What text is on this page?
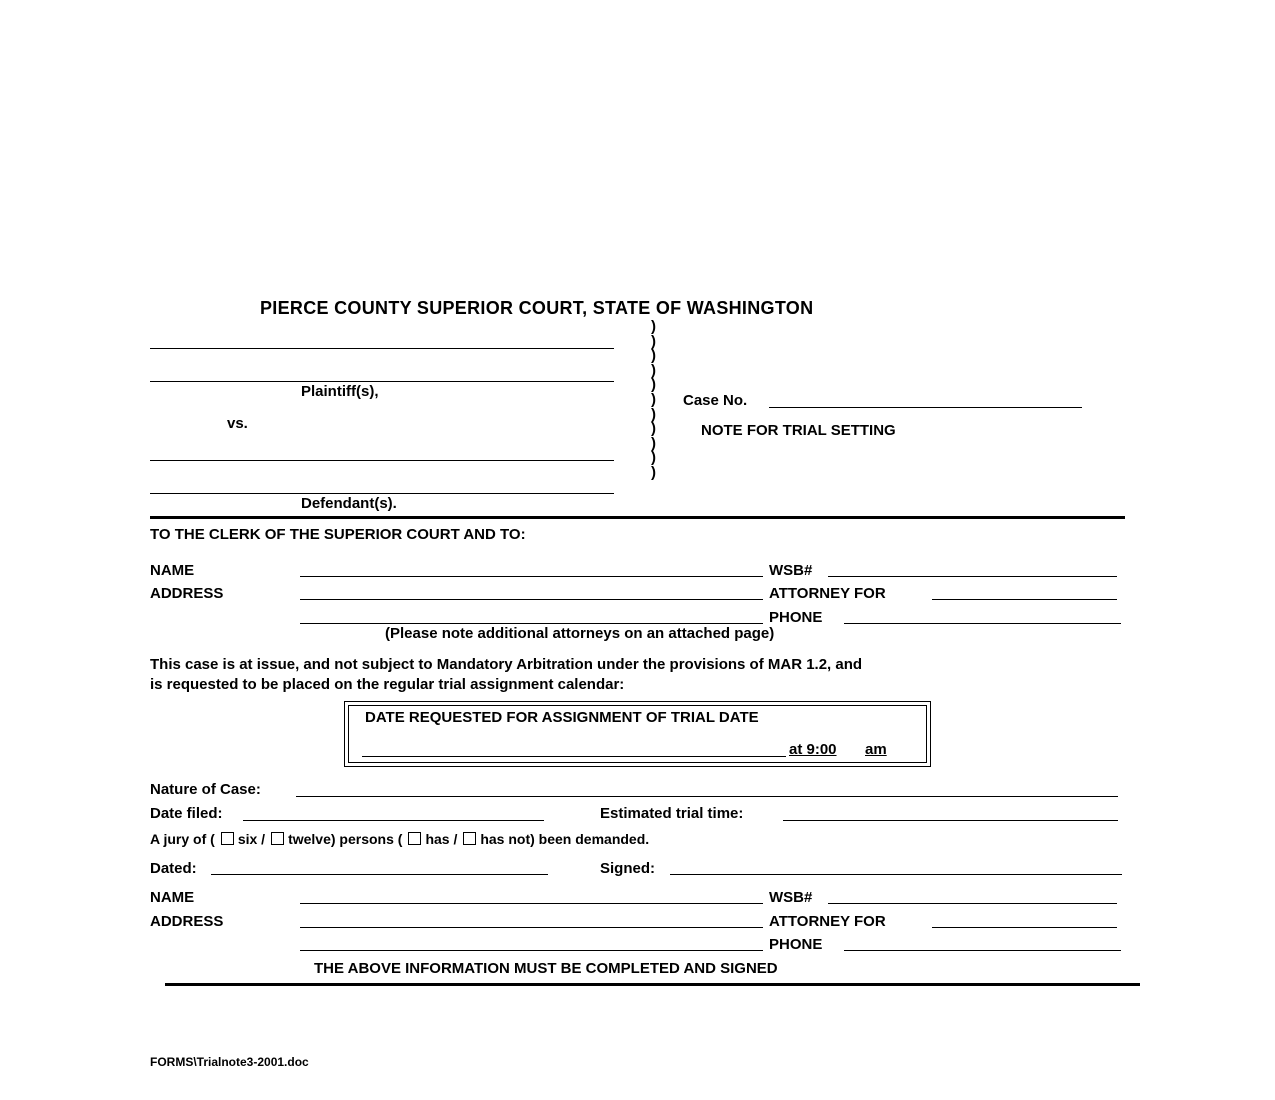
PIERCE COUNTY SUPERIOR COURT, STATE OF WASHINGTON
Plaintiff(s),
vs.
Defendant(s).
)
)
)
)
)
)
)
)
)
)
)
Case No.
NOTE FOR TRIAL SETTING
TO THE CLERK OF THE SUPERIOR COURT AND TO:
NAME	WSB#
ADDRESS	ATTORNEY FOR
PHONE
(Please note additional attorneys on an attached page)
This case is at issue, and not subject to Mandatory Arbitration under the provisions of MAR 1.2, and
is requested to be placed on the regular trial assignment calendar:
DATE REQUESTED FOR ASSIGNMENT OF TRIAL DATE
at 9:00 am
Nature of Case:
Date filed:	Estimated trial time:
A jury of ( six / twelve) persons ( has / has not) been demanded.
Dated:	Signed:
NAME	WSB#
ADDRESS	ATTORNEY FOR
PHONE
THE ABOVE INFORMATION MUST BE COMPLETED AND SIGNED
FORMS\Trialnote3-2001.doc
